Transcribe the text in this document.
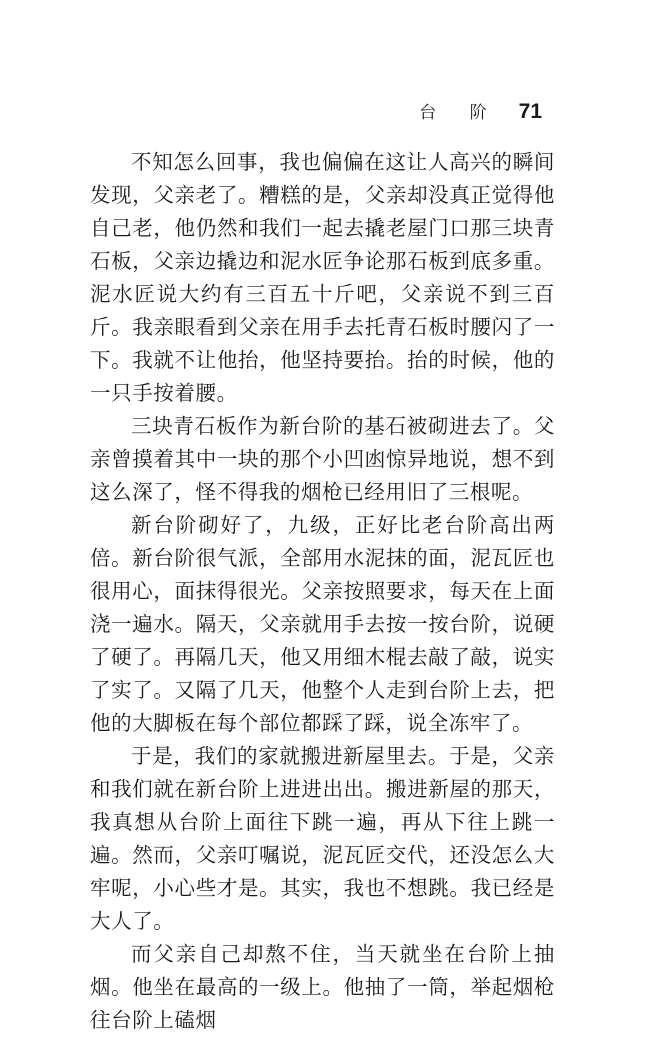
台 阶 71

不知怎么回事，我也偏偏在这让人高兴的瞬间发现，父亲老了。糟糕的是，父亲却没真正觉得他自己老，他仍然和我们一起去撬老屋门口那三块青石板，父亲边撬边和泥水匠争论那石板到底多重。泥水匠说大约有三百五十斤吧，父亲说不到三百斤。我亲眼看到父亲在用手去托青石板时腰闪了一下。我就不让他抬，他坚持要抬。抬的时候，他的一只手按着腰。

三块青石板作为新台阶的基石被砌进去了。父亲曾摸着其中一块的那个小凹凼惊异地说，想不到这么深了，怪不得我的烟枪已经用旧了三根呢。

新台阶砌好了，九级，正好比老台阶高出两倍。新台阶很气派，全部用水泥抹的面，泥瓦匠也很用心，面抹得很光。父亲按照要求，每天在上面浇一遍水。隔天，父亲就用手去按一按台阶，说硬了硬了。再隔几天，他又用细木棍去敲了敲，说实了实了。又隔了几天，他整个人走到台阶上去，把他的大脚板在每个部位都踩了踩，说全冻牢了。

于是，我们的家就搬进新屋里去。于是，父亲和我们就在新台阶上进进出出。搬进新屋的那天，我真想从台阶上面往下跳一遍，再从下往上跳一遍。然而，父亲叮嘱说，泥瓦匠交代，还没怎么大牢呢，小心些才是。其实，我也不想跳。我已经是大人了。

而父亲自己却熬不住，当天就坐在台阶上抽烟。他坐在最高的一级上。他抽了一筒，举起烟枪往台阶上磕烟
